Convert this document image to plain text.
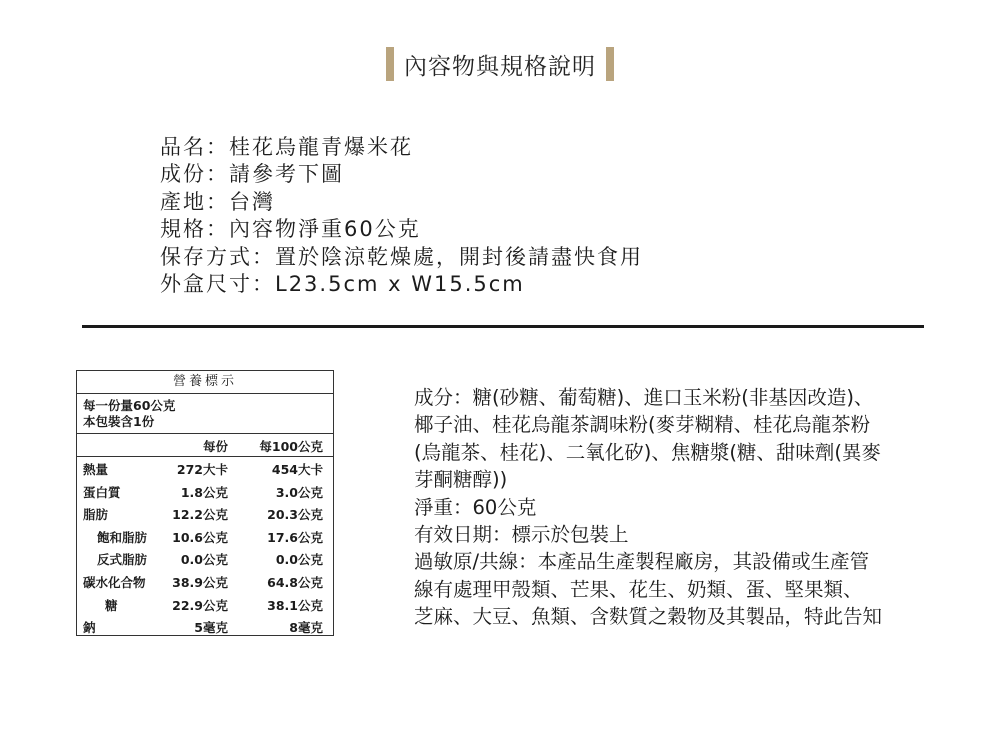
內容物與規格說明
品名：桂花烏龍青爆米花
成份：請參考下圖
產地：台灣
規格：內容物淨重60公克
保存方式：置於陰涼乾燥處，開封後請盡快食用
外盒尺寸：L23.5cm x W15.5cm
營養標示
每一份量60公克
本包裝含1份
每份	每100公克
熱量	272大卡	454大卡
蛋白質	1.8公克	3.0公克
脂肪	12.2公克	20.3公克
飽和脂肪 10.6公克	17.6公克
反式脂肪	0.0公克	0.0公克
碳水化合物 38.9公克	64.8公克
糖	22.9公克	38.1公克
鈉	5毫克	8毫克
成分：糖(砂糖、葡萄糖)、進口玉米粉(非基因改造)、
椰子油、桂花烏龍茶調味粉(麥芽糊精、桂花烏龍茶粉
(烏龍茶、桂花)、二氧化矽)、焦糖漿(糖、甜味劑(異麥
芽酮糖醇))
淨重：60公克
有效日期：標示於包裝上
過敏原/共線：本產品生產製程廠房，其設備或生產管
線有處理甲殼類、芒果、花生、奶類、蛋、堅果類、
芝麻、大豆、魚類、含麩質之穀物及其製品，特此告知
